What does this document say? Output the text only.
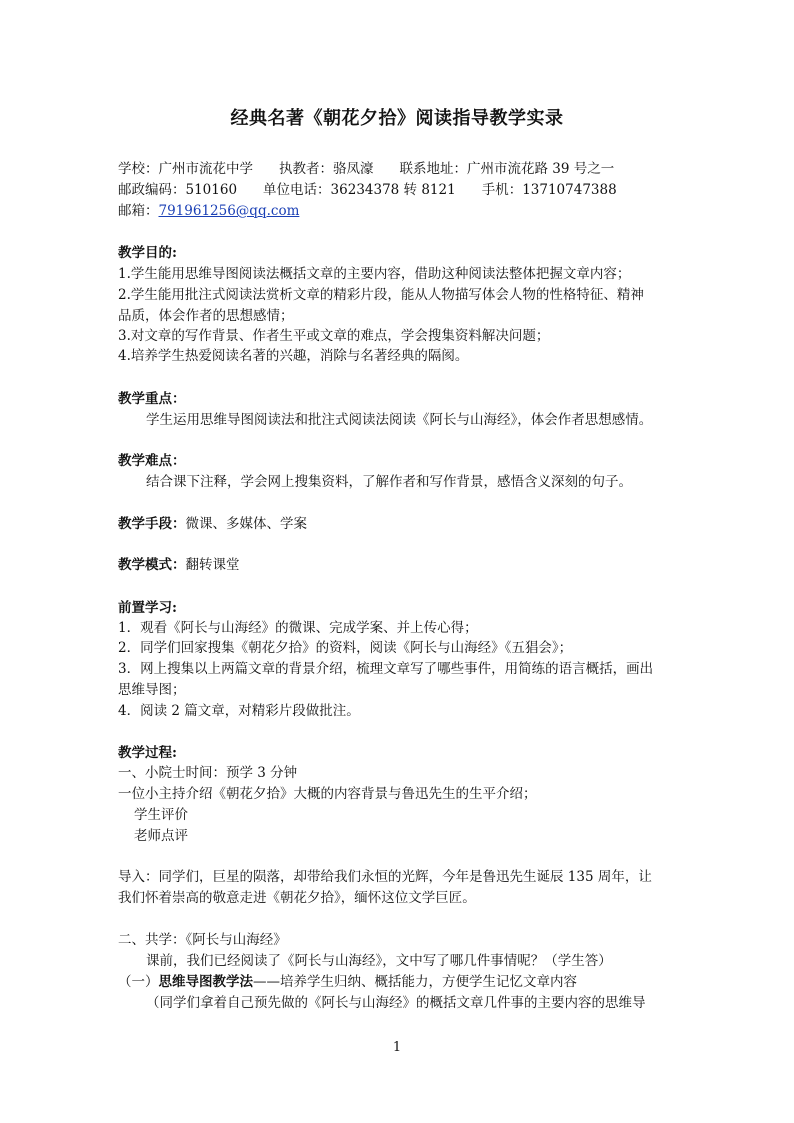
经典名著《朝花夕拾》阅读指导教学实录
学校：广州市流花中学 执教者：骆凤濠 联系地址：广州市流花路 39 号之一
邮政编码：510160 单位电话：36234378 转 8121 手机：13710747388
邮箱：791961256@qq.com
教学目的:
1.学生能用思维导图阅读法概括文章的主要内容，借助这种阅读法整体把握文章内容；
2.学生能用批注式阅读法赏析文章的精彩片段，能从人物描写体会人物的性格特征、精神
品质，体会作者的思想感情；
3.对文章的写作背景、作者生平或文章的难点，学会搜集资料解决问题；
4.培养学生热爱阅读名著的兴趣，消除与名著经典的隔阂。
教学重点：
学生运用思维导图阅读法和批注式阅读法阅读《阿长与山海经》，体会作者思想感情。
教学难点：
结合课下注释，学会网上搜集资料，了解作者和写作背景，感悟含义深刻的句子。
教学手段：微课、多媒体、学案
教学模式：翻转课堂
前置学习:
1．观看《阿长与山海经》的微课、完成学案、并上传心得；
2．同学们回家搜集《朝花夕拾》的资料，阅读《阿长与山海经》《五猖会》；
3．网上搜集以上两篇文章的背景介绍，梳理文章写了哪些事件，用简练的语言概括，画出
思维导图；
4．阅读 2 篇文章，对精彩片段做批注。
教学过程:
一、小院士时间：预学 3 分钟
一位小主持介绍《朝花夕拾》大概的内容背景与鲁迅先生的生平介绍；
学生评价
老师点评
导入：同学们，巨星的陨落，却带给我们永恒的光辉，今年是鲁迅先生诞辰 135 周年，让
我们怀着崇高的敬意走进《朝花夕拾》，缅怀这位文学巨匠。
二、共学：《阿长与山海经》
课前，我们已经阅读了《阿长与山海经》，文中写了哪几件事情呢？（学生答）
（一）思维导图教学法——培养学生归纳、概括能力，方便学生记忆文章内容
（同学们拿着自己预先做的《阿长与山海经》的概括文章几件事的主要内容的思维导
1
